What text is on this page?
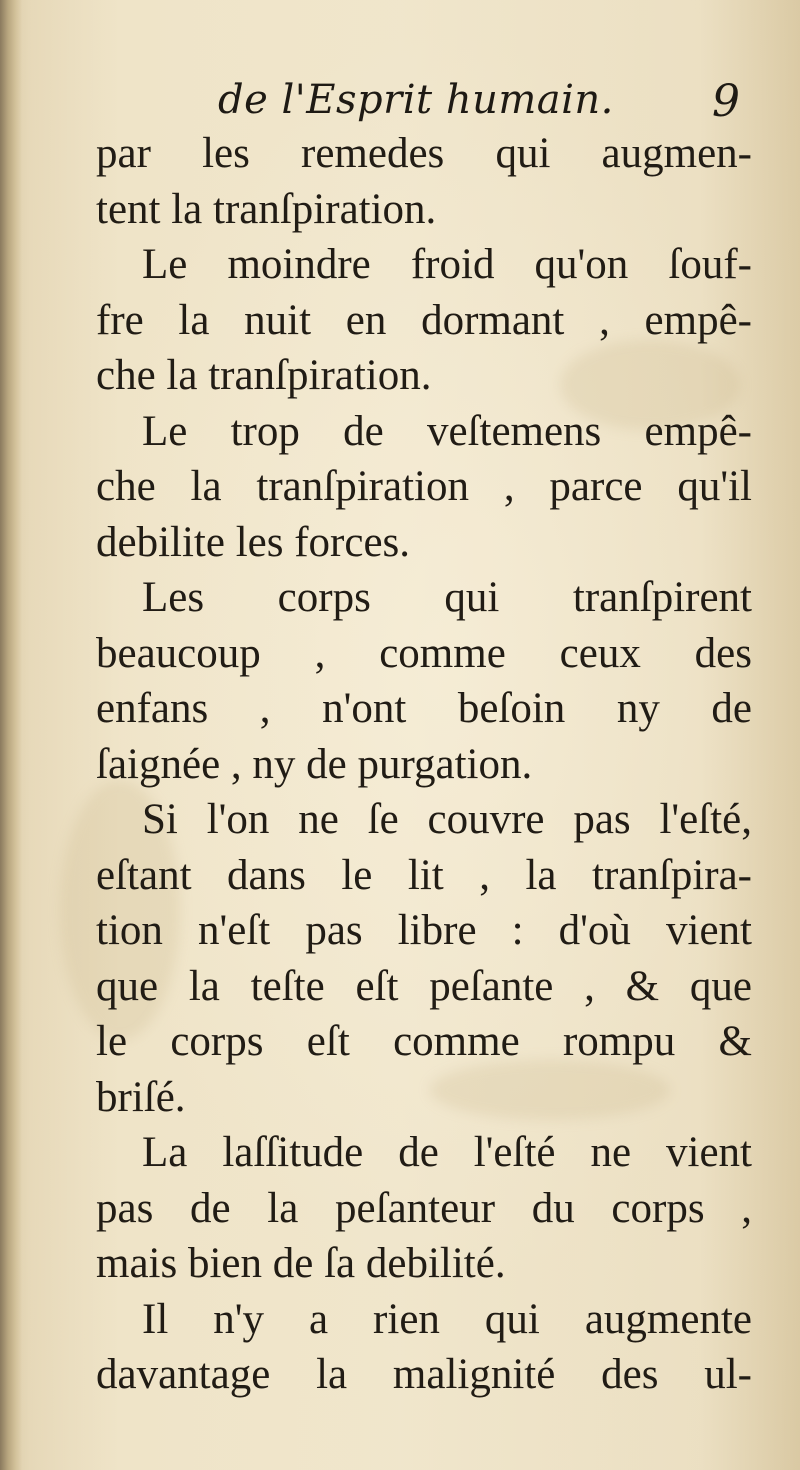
de l'Esprit humain. 9
par les remedes qui augmen-
tent la tranſpiration.
Le moindre froid qu'on ſouf-
fre la nuit en dormant , empê-
che la tranſpiration.
Le trop de veſtemens empê-
che la tranſpiration , parce qu'il
debilite les forces.
Les corps qui tranſpirent
beaucoup , comme ceux des
enfans , n'ont beſoin ny de
ſaignée , ny de purgation.
Si l'on ne ſe couvre pas l'eſté,
eſtant dans le lit , la tranſpira-
tion n'eſt pas libre : d'où vient
que la teſte eſt peſante , & que
le corps eſt comme rompu &
briſé.
La laſſitude de l'eſté ne vient
pas de la peſanteur du corps ,
mais bien de ſa debilité.
Il n'y a rien qui augmente
davantage la malignité des ul-
